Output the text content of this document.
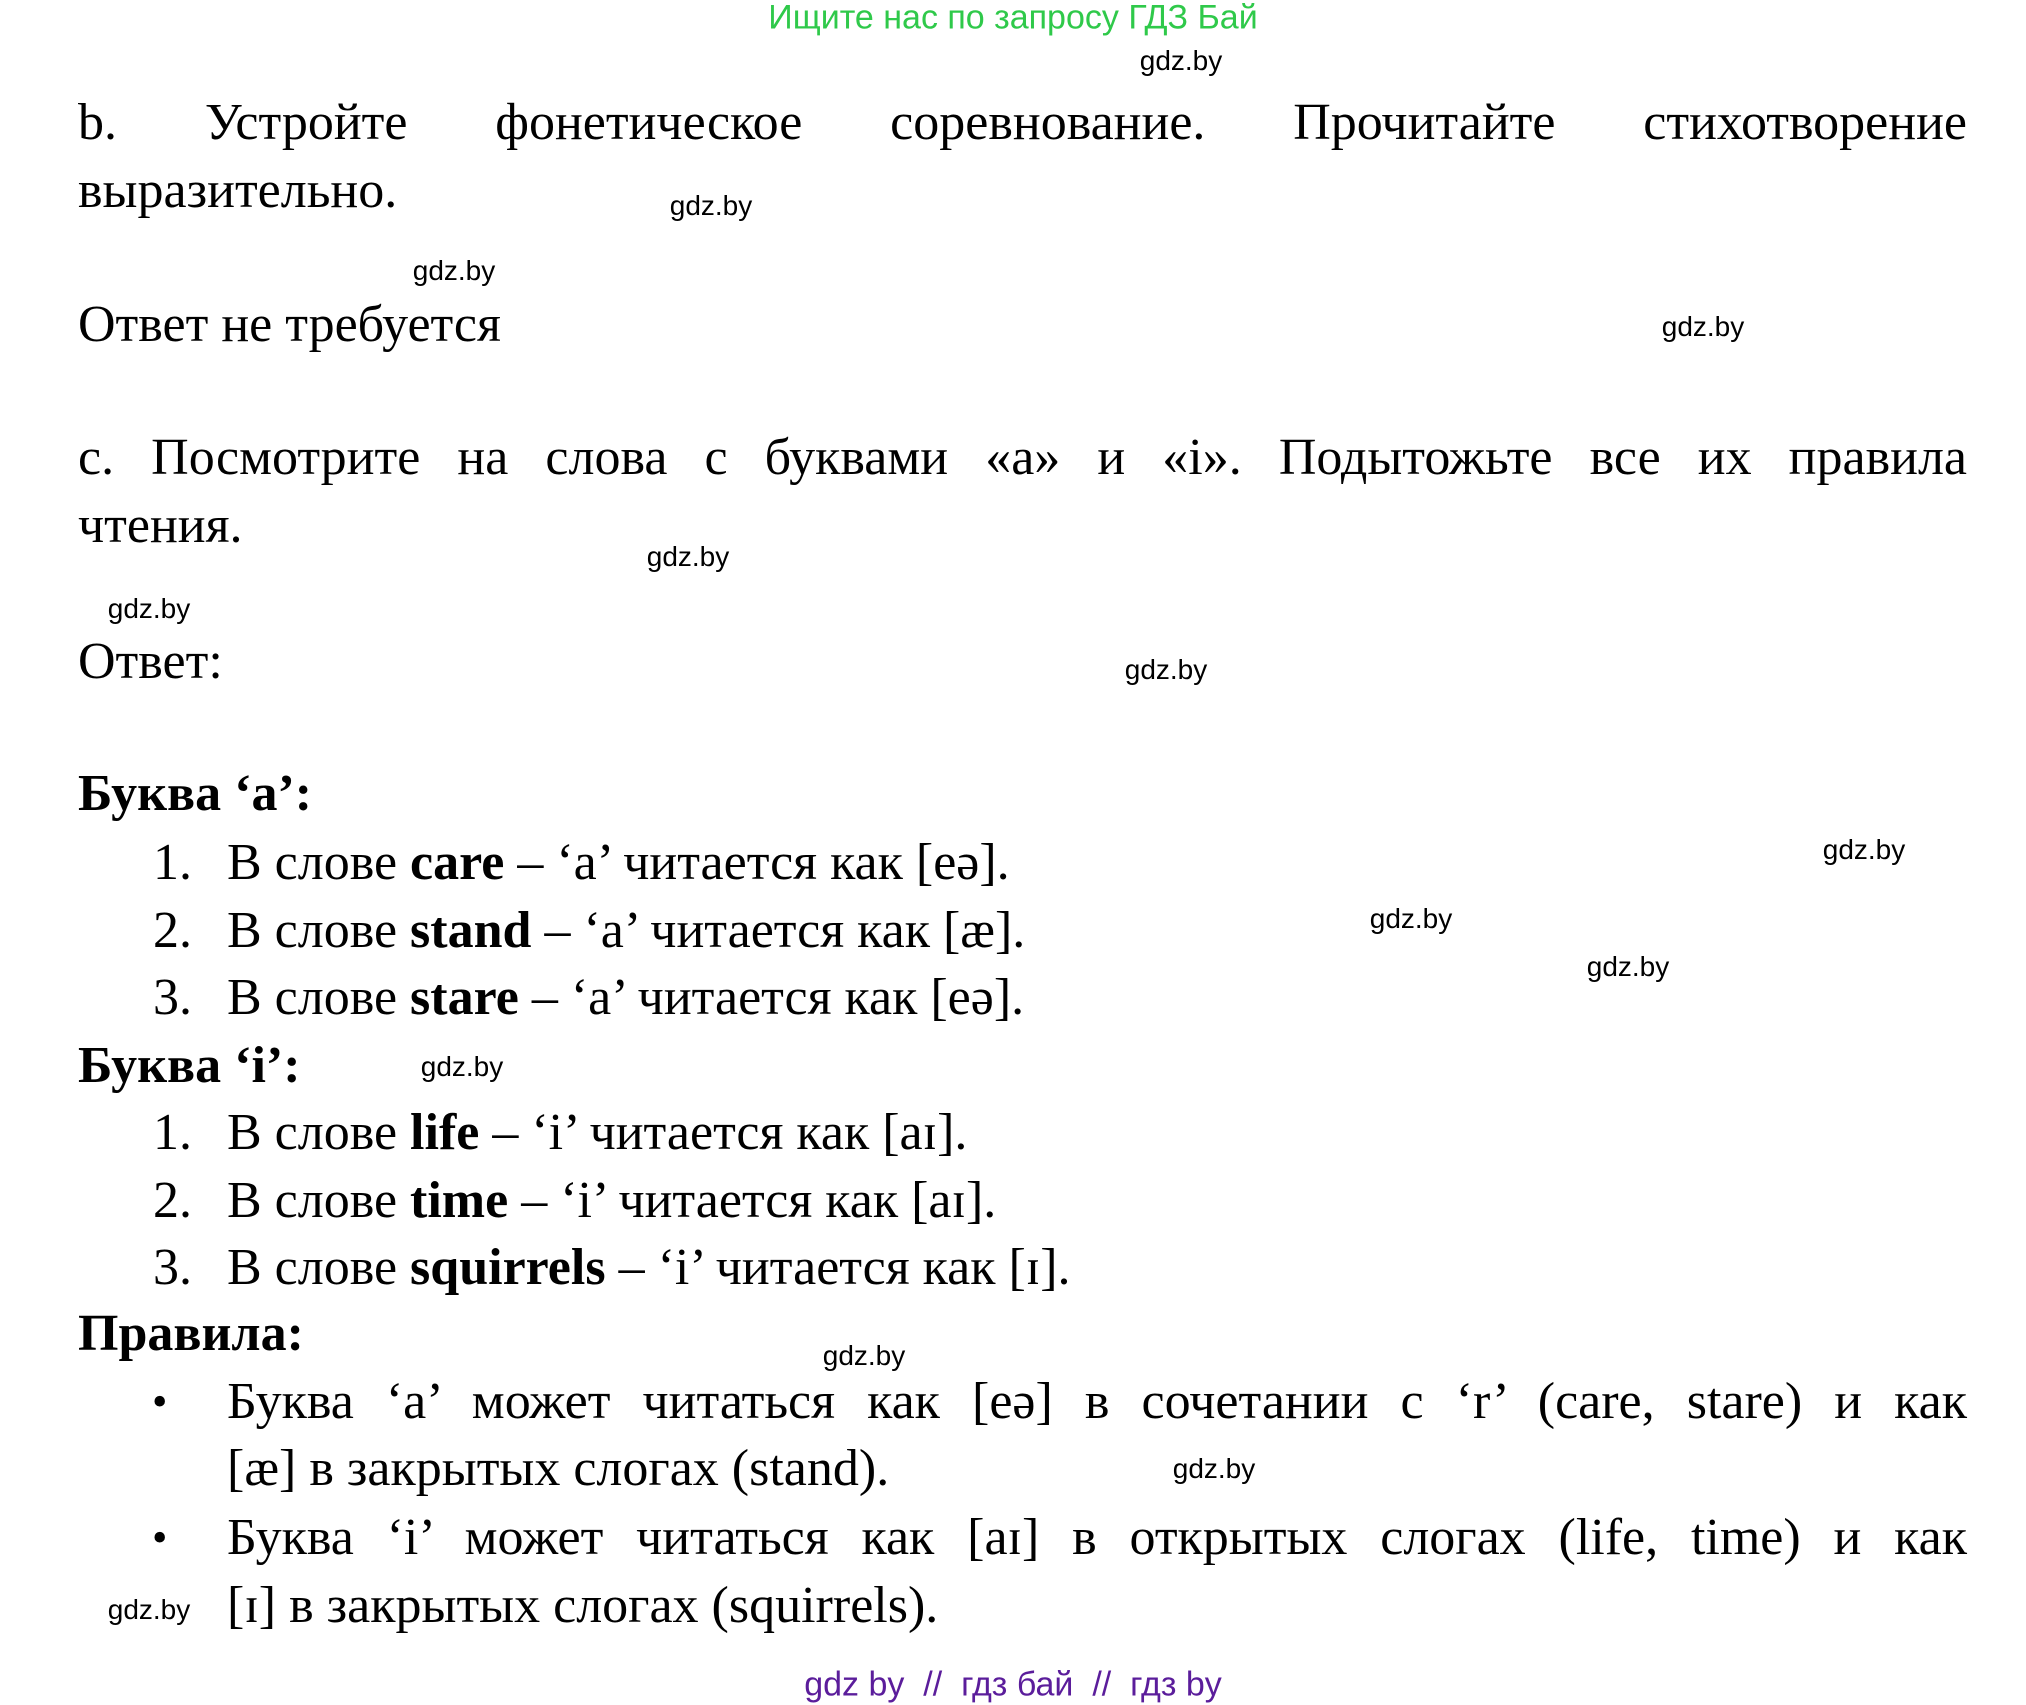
Ищите нас по запросу ГДЗ Бай
b. Устройте фонетическое соревнование. Прочитайте стихотворение
выразительно.
Ответ не требуется
c. Посмотрите на слова с буквами «a» и «i». Подытожьте все их правила
чтения.
Ответ:
Буква ‘a’:
1. В слове care – ‘a’ читается как [eə].
2. В слове stand – ‘a’ читается как [æ].
3. В слове stare – ‘a’ читается как [eə].
Буква ‘i’:
1. В слове life – ‘i’ читается как [aɪ].
2. В слове time – ‘i’ читается как [aɪ].
3. В слове squirrels – ‘i’ читается как [ɪ].
Правила:
• Буква ‘a’ может читаться как [eə] в сочетании с ‘r’ (care, stare) и как
[æ] в закрытых слогах (stand).
• Буква ‘i’ может читаться как [aɪ] в открытых слогах (life, time) и как
[ɪ] в закрытых слогах (squirrels).
gdz.by
gdz.by
gdz.by
gdz.by
gdz.by
gdz.by
gdz.by
gdz.by
gdz.by
gdz.by
gdz.by
gdz.by
gdz.by
gdz.by
gdz by  //  гдз бай  //  гдз by
